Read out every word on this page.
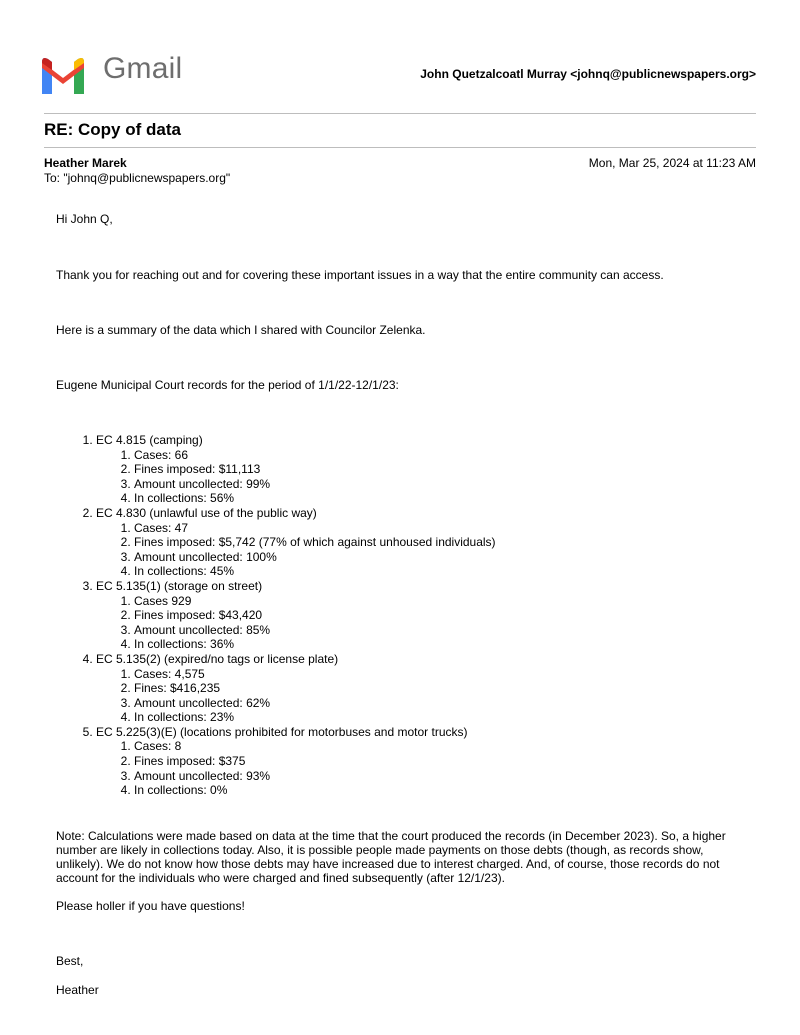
Gmail	John Quetzalcoatl Murray <johnq@publicnewspapers.org>
RE: Copy of data
Heather Marek	Mon, Mar 25, 2024 at 11:23 AM
To: "johnq@publicnewspapers.org"

Hi John Q,

Thank you for reaching out and for covering these important issues in a way that the entire community can access.

Here is a summary of the data which I shared with Councilor Zelenka.

Eugene Municipal Court records for the period of 1/1/22-12/1/23:

1. EC 4.815 (camping)
1. Cases: 66
2. Fines imposed: $11,113
3. Amount uncollected: 99%
4. In collections: 56%
2. EC 4.830 (unlawful use of the public way)
1. Cases: 47
2. Fines imposed: $5,742 (77% of which against unhoused individuals)
3. Amount uncollected: 100%
4. In collections: 45%
3. EC 5.135(1) (storage on street)
1. Cases 929
2. Fines imposed: $43,420
3. Amount uncollected: 85%
4. In collections: 36%
4. EC 5.135(2) (expired/no tags or license plate)
1. Cases: 4,575
2. Fines: $416,235
3. Amount uncollected: 62%
4. In collections: 23%
5. EC 5.225(3)(E) (locations prohibited for motorbuses and motor trucks)
1. Cases: 8
2. Fines imposed: $375
3. Amount uncollected: 93%
4. In collections: 0%

Note: Calculations were made based on data at the time that the court produced the records (in December 2023). So, a higher number are likely in collections today. Also, it is possible people made payments on those debts (though, as records show, unlikely). We do not know how those debts may have increased due to interest charged. And, of course, those records do not account for the individuals who were charged and fined subsequently (after 12/1/23).

Please holler if you have questions!

Best,

Heather
